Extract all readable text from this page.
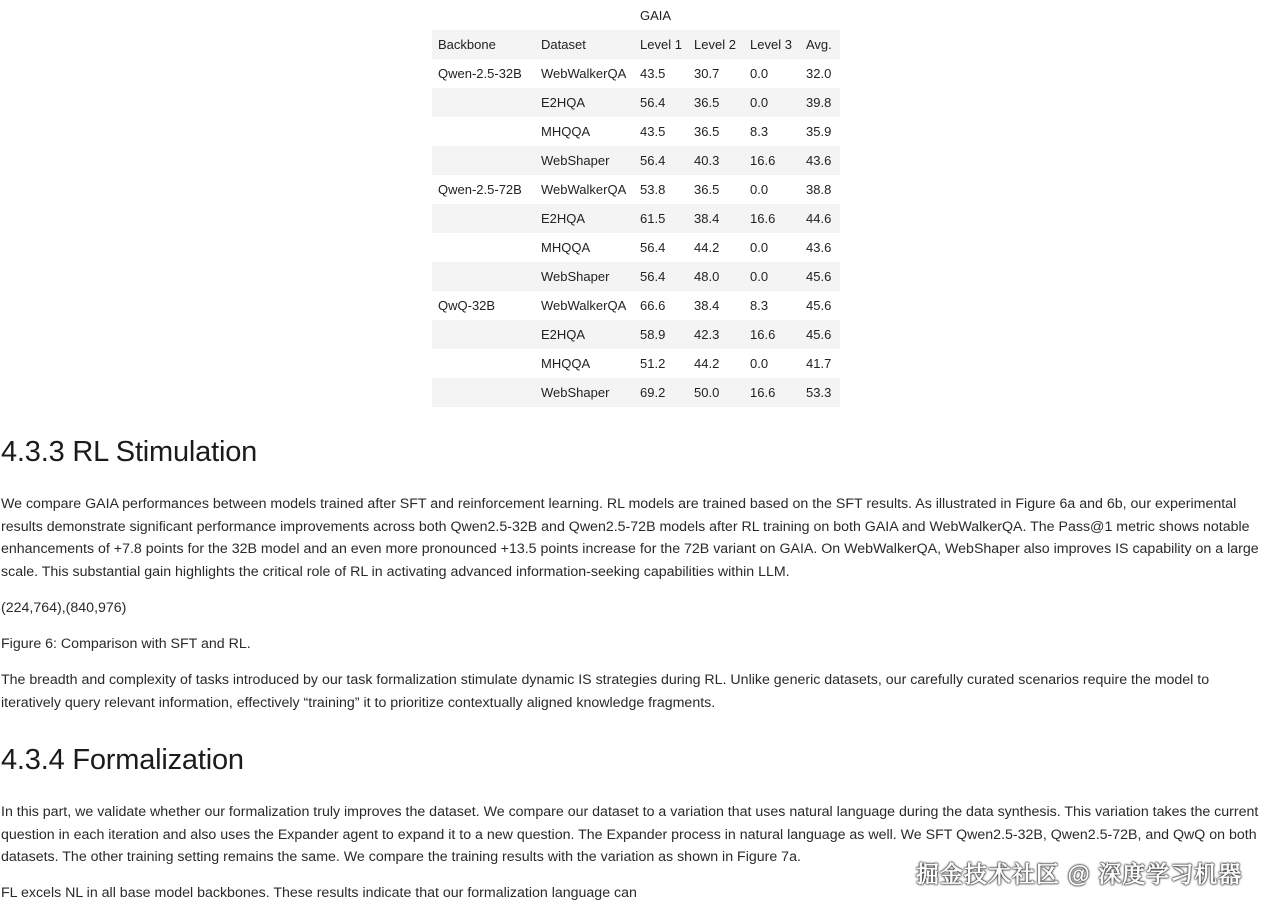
		GAIA			
Backbone	Dataset	Level 1	Level 2	Level 3	Avg.
Qwen-2.5-32B	WebWalkerQA	43.5	30.7	0.0	32.0
	E2HQA	56.4	36.5	0.0	39.8
	MHQQA	43.5	36.5	8.3	35.9
	WebShaper	56.4	40.3	16.6	43.6
Qwen-2.5-72B	WebWalkerQA	53.8	36.5	0.0	38.8
	E2HQA	61.5	38.4	16.6	44.6
	MHQQA	56.4	44.2	0.0	43.6
	WebShaper	56.4	48.0	0.0	45.6
QwQ-32B	WebWalkerQA	66.6	38.4	8.3	45.6
	E2HQA	58.9	42.3	16.6	45.6
	MHQQA	51.2	44.2	0.0	41.7
	WebShaper	69.2	50.0	16.6	53.3
4.3.3 RL Stimulation

We compare GAIA performances between models trained after SFT and reinforcement learning. RL models are trained based on the SFT results. As illustrated in Figure 6a and 6b, our experimental results demonstrate significant performance improvements across both Qwen2.5-32B and Qwen2.5-72B models after RL training on both GAIA and WebWalkerQA. The Pass@1 metric shows notable enhancements of +7.8 points for the 32B model and an even more pronounced +13.5 points increase for the 72B variant on GAIA. On WebWalkerQA, WebShaper also improves IS capability on a large scale. This substantial gain highlights the critical role of RL in activating advanced information-seeking capabilities within LLM.

(224,764),(840,976)

Figure 6: Comparison with SFT and RL.

The breadth and complexity of tasks introduced by our task formalization stimulate dynamic IS strategies during RL. Unlike generic datasets, our carefully curated scenarios require the model to iteratively query relevant information, effectively “training” it to prioritize contextually aligned knowledge fragments.

4.3.4 Formalization

In this part, we validate whether our formalization truly improves the dataset. We compare our dataset to a variation that uses natural language during the data synthesis. This variation takes the current question in each iteration and also uses the Expander agent to expand it to a new question. The Expander process in natural language as well. We SFT Qwen2.5-32B, Qwen2.5-72B, and QwQ on both datasets. The other training setting remains the same. We compare the training results with the variation as shown in Figure 7a.

FL excels NL in all base model backbones. These results indicate that our formalization language can

掘金技术社区 @ 深度学习机器
